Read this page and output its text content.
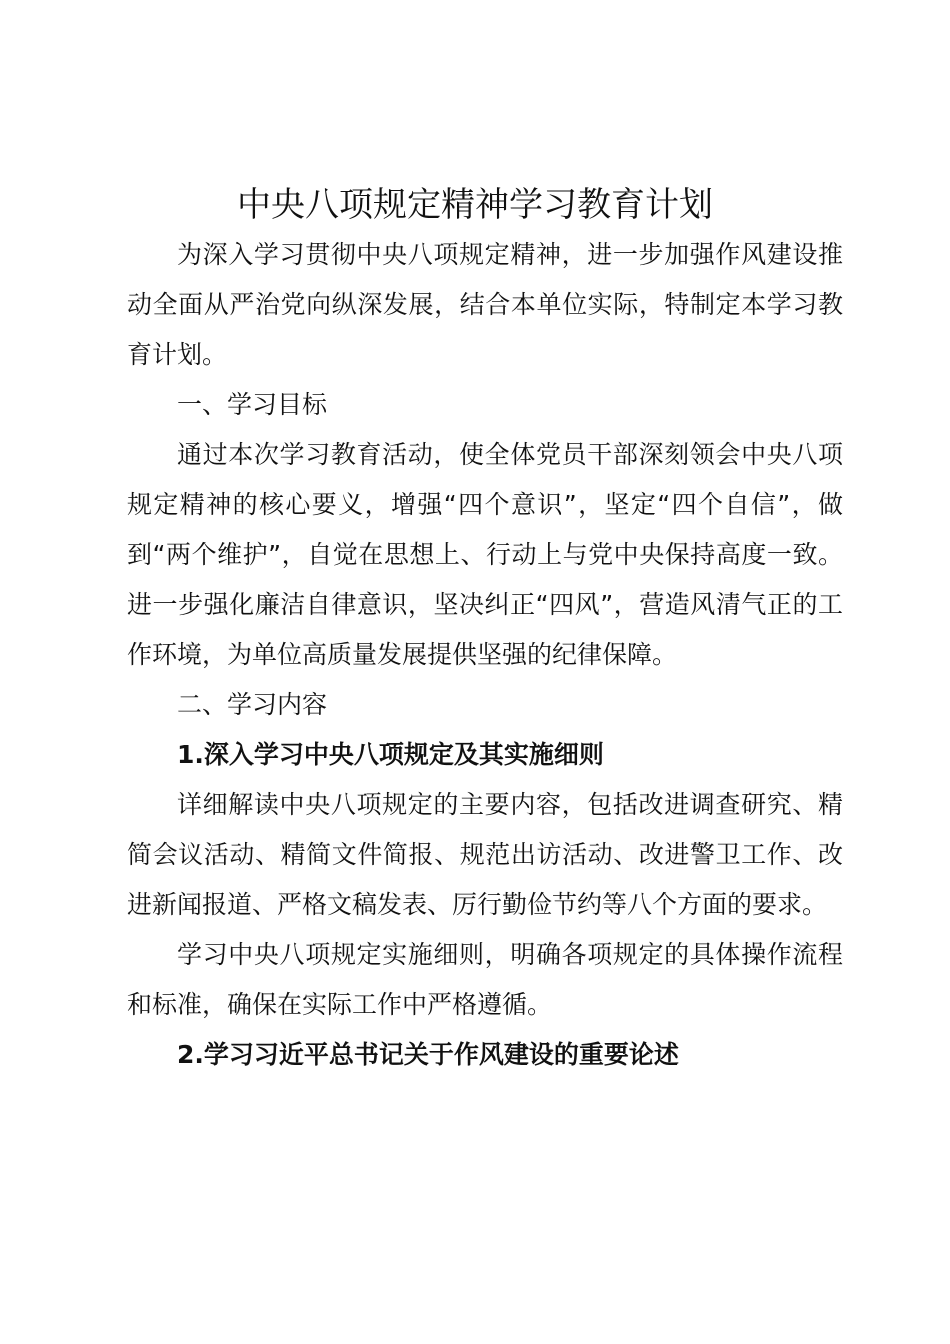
中央八项规定精神学习教育计划

为深入学习贯彻中央八项规定精神，进一步加强作风建设推动全面从严治党向纵深发展，结合本单位实际，特制定本学习教育计划。

一、学习目标

通过本次学习教育活动，使全体党员干部深刻领会中央八项规定精神的核心要义，增强“四个意识”，坚定“四个自信”，做到“两个维护”，自觉在思想上、行动上与党中央保持高度一致。进一步强化廉洁自律意识，坚决纠正“四风”，营造风清气正的工作环境，为单位高质量发展提供坚强的纪律保障。

二、学习内容

1.深入学习中央八项规定及其实施细则

详细解读中央八项规定的主要内容，包括改进调查研究、精简会议活动、精简文件简报、规范出访活动、改进警卫工作、改进新闻报道、严格文稿发表、厉行勤俭节约等八个方面的要求。

学习中央八项规定实施细则，明确各项规定的具体操作流程和标准，确保在实际工作中严格遵循。

2.学习习近平总书记关于作风建设的重要论述
